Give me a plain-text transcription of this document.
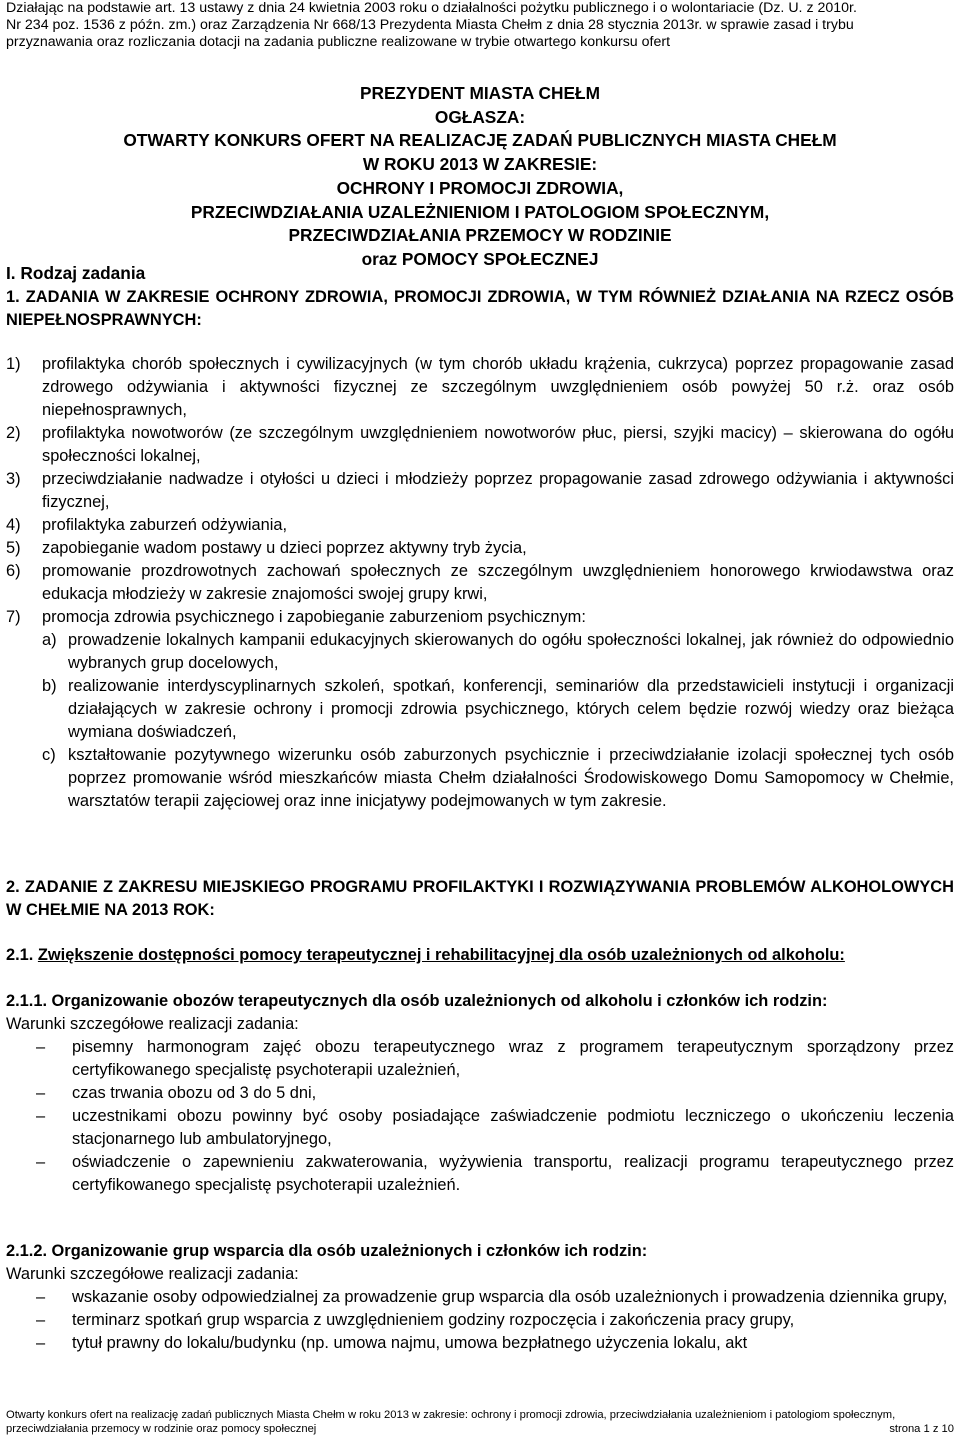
Działając na podstawie art. 13 ustawy z dnia 24 kwietnia 2003 roku o działalności pożytku publicznego i o wolontariacie (Dz. U. z 2010r.
Nr 234 poz. 1536 z późn. zm.) oraz Zarządzenia Nr 668/13 Prezydenta Miasta Chełm z dnia 28 stycznia 2013r. w sprawie zasad i trybu
przyznawania oraz rozliczania dotacji na zadania publiczne realizowane w trybie otwartego konkursu ofert
PREZYDENT MIASTA CHEŁM
OGŁASZA:
OTWARTY KONKURS OFERT NA REALIZACJĘ ZADAŃ PUBLICZNYCH MIASTA CHEŁM
W ROKU 2013 W ZAKRESIE:
OCHRONY I PROMOCJI ZDROWIA,
PRZECIWDZIAŁANIA UZALEŻNIENIOM I PATOLOGIOM SPOŁECZNYM,
PRZECIWDZIAŁANIA PRZEMOCY W RODZINIE
oraz POMOCY SPOŁECZNEJ
I. Rodzaj zadania
1. ZADANIA W ZAKRESIE OCHRONY ZDROWIA, PROMOCJI ZDROWIA, W TYM RÓWNIEŻ DZIAŁANIA NA RZECZ OSÓB NIEPEŁNOSPRAWNYCH:
1)	profilaktyka chorób społecznych i cywilizacyjnych (w tym chorób układu krążenia, cukrzyca) poprzez propagowanie zasad zdrowego odżywiania i aktywności fizycznej ze szczególnym uwzględnieniem osób powyżej 50 r.ż. oraz osób niepełnosprawnych,
2)	profilaktyka nowotworów (ze szczególnym uwzględnieniem nowotworów płuc, piersi, szyjki macicy) – skierowana do ogółu społeczności lokalnej,
3)	przeciwdziałanie nadwadze i otyłości u dzieci i młodzieży poprzez propagowanie zasad zdrowego odżywiania i aktywności fizycznej,
4)	profilaktyka zaburzeń odżywiania,
5)	zapobieganie wadom postawy u dzieci poprzez aktywny tryb życia,
6)	promowanie prozdrowotnych zachowań społecznych ze szczególnym uwzględnieniem honorowego krwiodawstwa oraz edukacja młodzieży w zakresie znajomości swojej grupy krwi,
7)	promocja zdrowia psychicznego i zapobieganie zaburzeniom psychicznym:
a) prowadzenie lokalnych kampanii edukacyjnych skierowanych do ogółu społeczności lokalnej, jak również do odpowiednio wybranych grup docelowych,
b) realizowanie interdyscyplinarnych szkoleń, spotkań, konferencji, seminariów dla przedstawicieli instytucji i organizacji działających w zakresie ochrony i promocji zdrowia psychicznego, których celem będzie rozwój wiedzy oraz bieżąca wymiana doświadczeń,
c) kształtowanie pozytywnego wizerunku osób zaburzonych psychicznie i przeciwdziałanie izolacji społecznej tych osób poprzez promowanie wśród mieszkańców miasta Chełm działalności Środowiskowego Domu Samopomocy w Chełmie, warsztatów terapii zajęciowej oraz inne inicjatywy podejmowanych w tym zakresie.
2. ZADANIE Z ZAKRESU MIEJSKIEGO PROGRAMU PROFILAKTYKI I ROZWIĄZYWANIA PROBLEMÓW ALKOHOLOWYCH W CHEŁMIE NA 2013 ROK:
2.1. Zwiększenie dostępności pomocy terapeutycznej i rehabilitacyjnej dla osób uzależnionych od alkoholu:
2.1.1. Organizowanie obozów terapeutycznych dla osób uzależnionych od alkoholu i członków ich rodzin:
Warunki szczegółowe realizacji zadania:
–	pisemny harmonogram zajęć obozu terapeutycznego wraz z programem terapeutycznym sporządzony przez certyfikowanego specjalistę psychoterapii uzależnień,
–	czas trwania obozu od 3 do 5 dni,
–	uczestnikami obozu powinny być osoby posiadające zaświadczenie podmiotu leczniczego o ukończeniu leczenia stacjonarnego lub ambulatoryjnego,
–	oświadczenie o zapewnieniu zakwaterowania, wyżywienia transportu, realizacji programu terapeutycznego przez certyfikowanego specjalistę psychoterapii uzależnień.
2.1.2. Organizowanie grup wsparcia dla osób uzależnionych i członków ich rodzin:
Warunki szczegółowe realizacji zadania:
–	wskazanie osoby odpowiedzialnej za prowadzenie grup wsparcia dla osób uzależnionych i prowadzenia dziennika grupy,
–	terminarz spotkań grup wsparcia z uwzględnieniem godziny rozpoczęcia i zakończenia pracy grupy,
–	tytuł prawny do lokalu/budynku (np. umowa najmu, umowa bezpłatnego użyczenia lokalu, akt
Otwarty konkurs ofert na realizację zadań publicznych Miasta Chełm w roku 2013 w zakresie: ochrony i promocji zdrowia, przeciwdziałania uzależnieniom i patologiom społecznym,
przeciwdziałania przemocy w rodzinie oraz pomocy społecznej	strona 1 z 10
